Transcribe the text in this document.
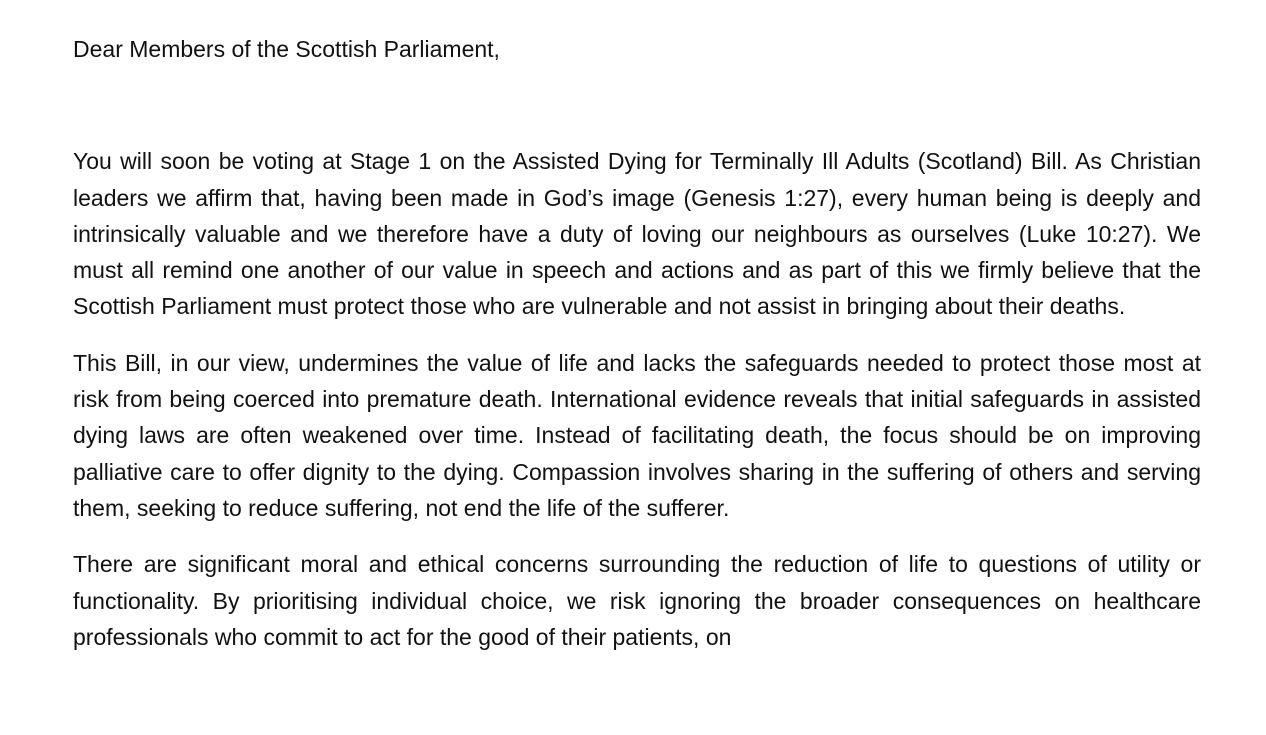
Dear Members of the Scottish Parliament,

You will soon be voting at Stage 1 on the Assisted Dying for Terminally Ill Adults (Scotland) Bill. As Christian leaders we affirm that, having been made in God’s image (Genesis 1:27), every human being is deeply and intrinsically valuable and we therefore have a duty of loving our neighbours as ourselves (Luke 10:27). We must all remind one another of our value in speech and actions and as part of this we firmly believe that the Scottish Parliament must protect those who are vulnerable and not assist in bringing about their deaths.

This Bill, in our view, undermines the value of life and lacks the safeguards needed to protect those most at risk from being coerced into premature death. International evidence reveals that initial safeguards in assisted dying laws are often weakened over time. Instead of facilitating death, the focus should be on improving palliative care to offer dignity to the dying. Compassion involves sharing in the suffering of others and serving them, seeking to reduce suffering, not end the life of the sufferer.

There are significant moral and ethical concerns surrounding the reduction of life to questions of utility or functionality. By prioritising individual choice, we risk ignoring the broader consequences on healthcare professionals who commit to act for the good of their patients, on
